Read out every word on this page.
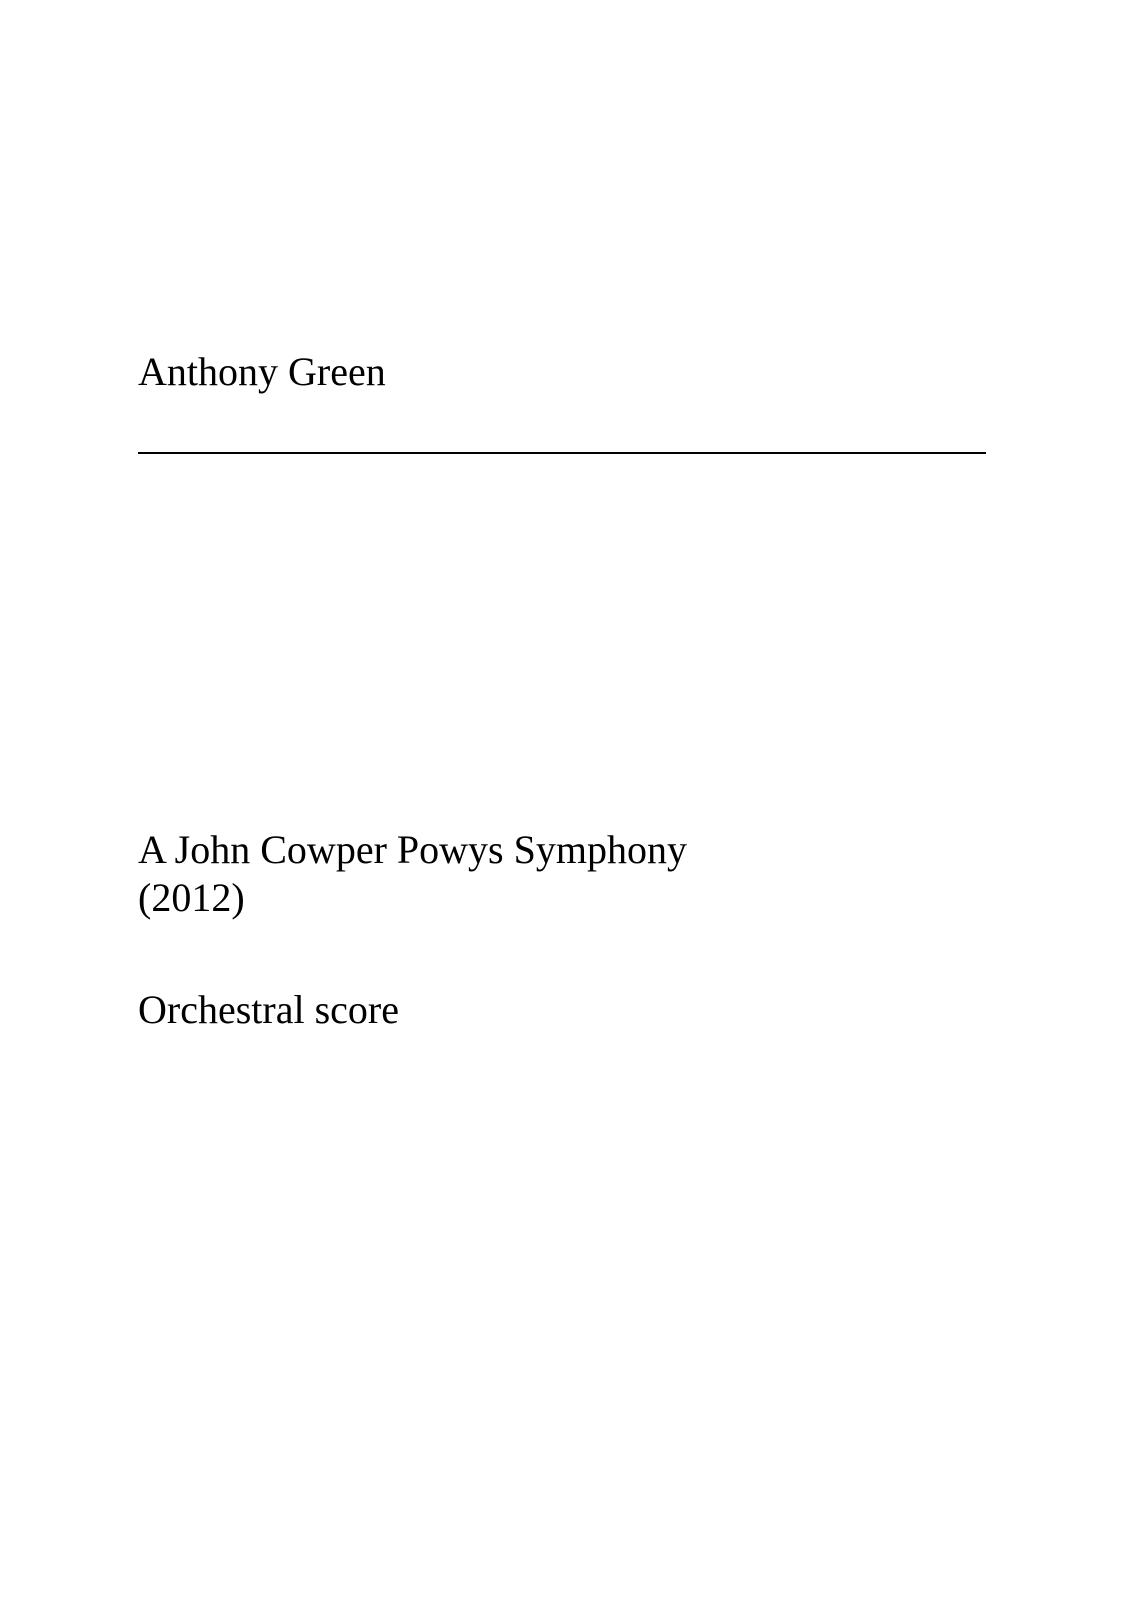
Anthony Green
A John Cowper Powys Symphony
(2012)
Orchestral score
